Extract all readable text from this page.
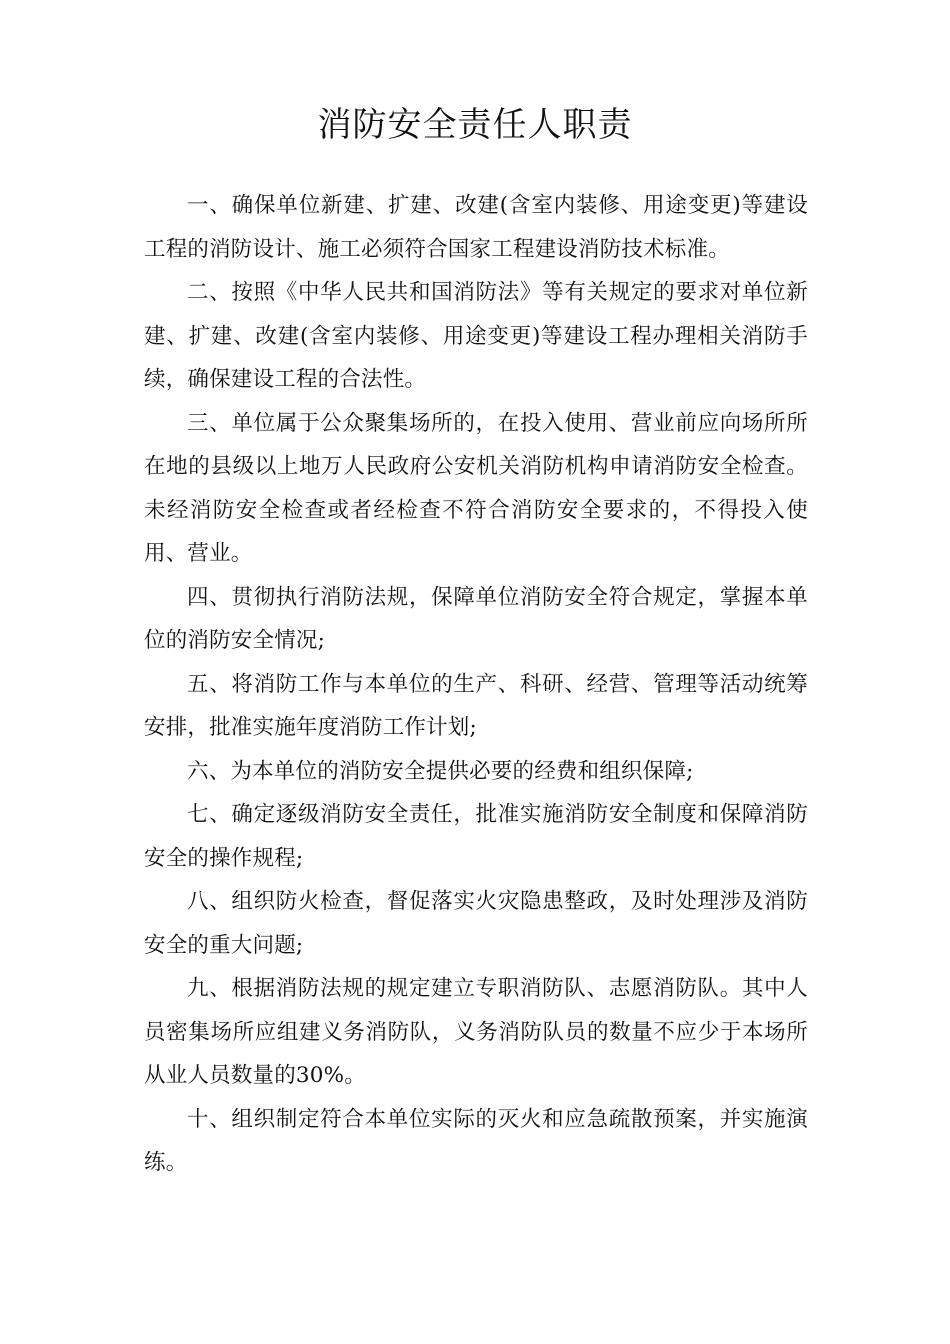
消防安全责任人职责

一、确保单位新建、扩建、改建(含室内装修、用途变更)等建设工程的消防设计、施工必须符合国家工程建设消防技术标准。

二、按照《中华人民共和国消防法》等有关规定的要求对单位新建、扩建、改建(含室内装修、用途变更)等建设工程办理相关消防手续，确保建设工程的合法性。

三、单位属于公众聚集场所的，在投入使用、营业前应向场所所在地的县级以上地万人民政府公安机关消防机构申请消防安全检查。未经消防安全检查或者经检查不符合消防安全要求的，不得投入使用、营业。

四、贯彻执行消防法规，保障单位消防安全符合规定，掌握本单位的消防安全情况;

五、将消防工作与本单位的生产、科研、经营、管理等活动统筹安排，批准实施年度消防工作计划;

六、为本单位的消防安全提供必要的经费和组织保障;

七、确定逐级消防安全责任，批准实施消防安全制度和保障消防安全的操作规程;

八、组织防火检查，督促落实火灾隐患整政，及时处理涉及消防安全的重大问题;

九、根据消防法规的规定建立专职消防队、志愿消防队。其中人员密集场所应组建义务消防队，义务消防队员的数量不应少于本场所从业人员数量的30%。

十、组织制定符合本单位实际的灭火和应急疏散预案，并实施演练。
